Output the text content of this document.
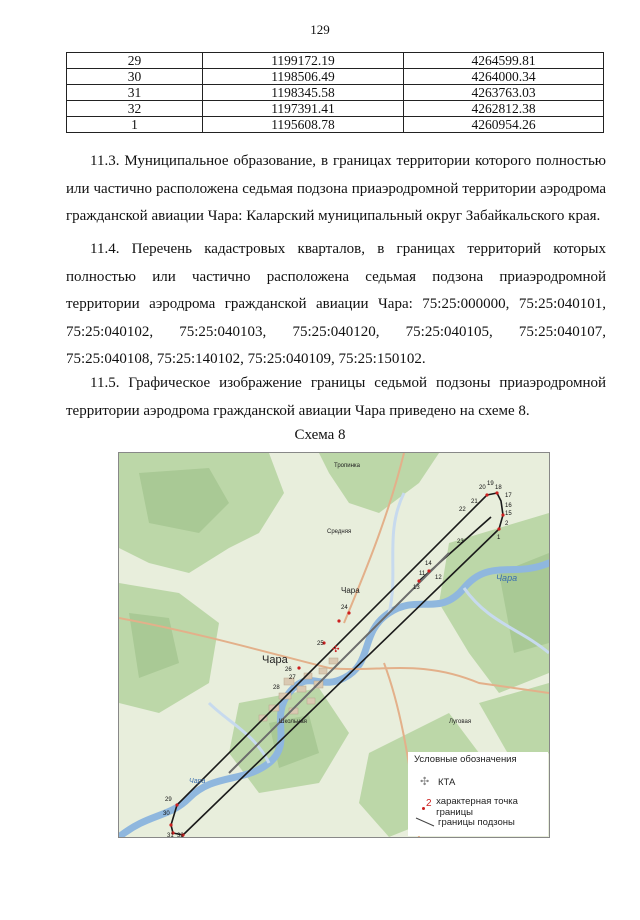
129
29	1199172.19	4264599.81
30	1198506.49	4264000.34
31	1198345.58	4263763.03
32	1197391.41	4262812.38
1	1195608.78	4260954.26

11.3. Муниципальное образование, в границах территории которого полностью или частично расположена седьмая подзона приаэродромной территории аэродрома гражданской авиации Чара: Каларский муниципальный округ Забайкальского края.

11.4. Перечень кадастровых кварталов, в границах территорий которых полностью или частично расположена седьмая подзона приаэродромной территории аэродрома гражданской авиации Чара: 75:25:000000, 75:25:040101, 75:25:040102, 75:25:040103, 75:25:040120, 75:25:040105, 75:25:040107, 75:25:040108, 75:25:140102, 75:25:040109, 75:25:150102.

11.5. Графическое изображение границы седьмой подзоны приаэродромной территории аэродрома гражданской авиации Чара приведено на схеме 8.

Схема 8
✣
20
19
18
17
16
15
2
1
21
22
23
14
11
12
13
24
25
26
27
28
29
30
31 32
Чара
Чара
Чара
Чара
Школьная
Средняя
Тропинка
Луговая
Условные обозначения
✣ КТА
2 характерная точка границы
границы подзоны
